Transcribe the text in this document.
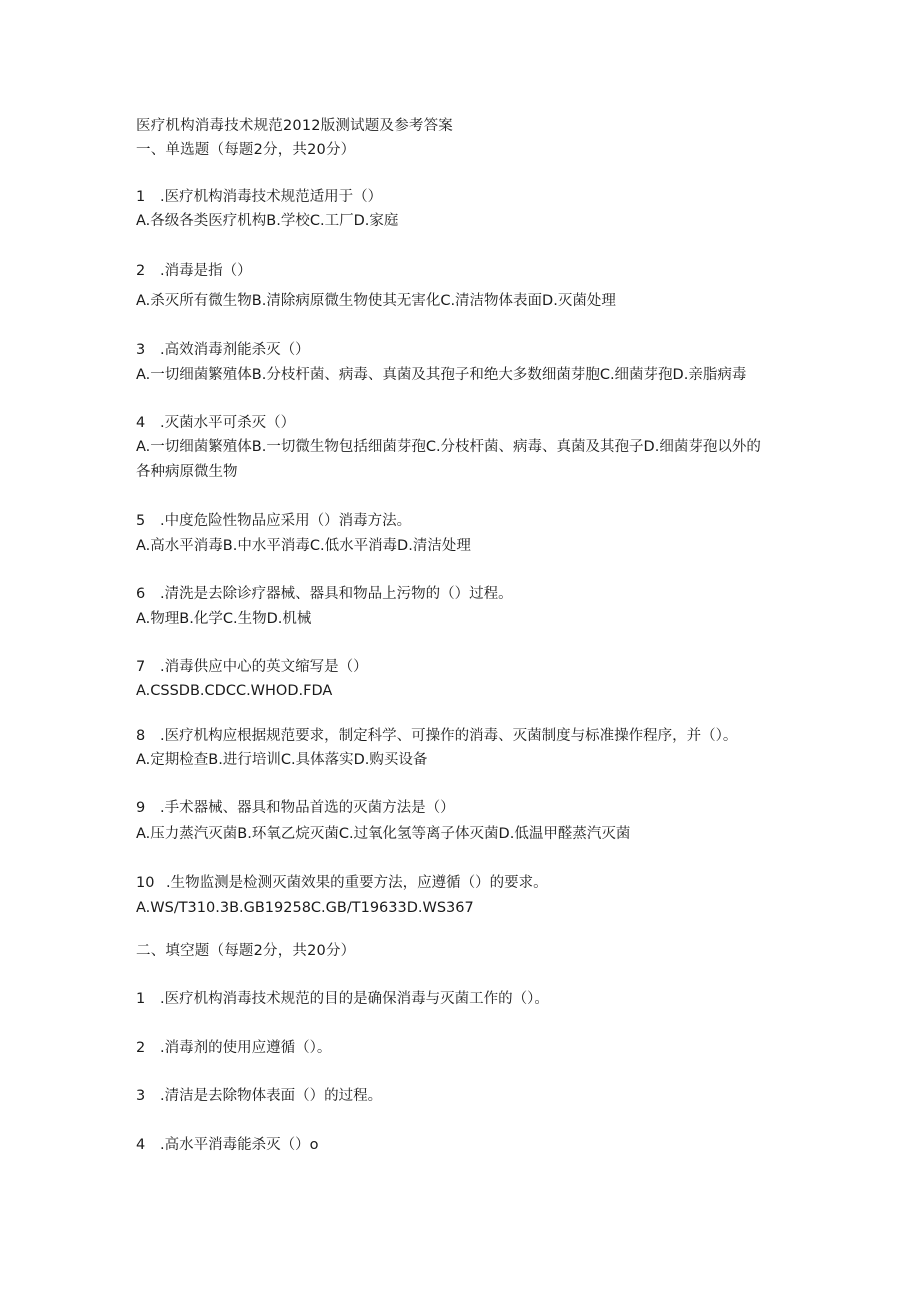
医疗机构消毒技术规范2012版测试题及参考答案
一、单选题（每题2分，共20分）
1 .医疗机构消毒技术规范适用于（）
A.各级各类医疗机构B.学校C.工厂D.家庭
2 .消毒是指（）
A.杀灭所有微生物B.清除病原微生物使其无害化C.清洁物体表面D.灭菌处理
3 .高效消毒剂能杀灭（）
A.一切细菌繁殖体B.分枝杆菌、病毒、真菌及其孢子和绝大多数细菌芽胞C.细菌芽孢D.亲脂病毒
4 .灭菌水平可杀灭（）
A.一切细菌繁殖体B.一切微生物包括细菌芽孢C.分枝杆菌、病毒、真菌及其孢子D.细菌芽孢以外的
各种病原微生物
5 .中度危险性物品应采用（）消毒方法。
A.高水平消毒B.中水平消毒C.低水平消毒D.清洁处理
6 .清洗是去除诊疗器械、器具和物品上污物的（）过程。
A.物理B.化学C.生物D.机械
7 .消毒供应中心的英文缩写是（）
A.CSSDB.CDCC.WHOD.FDA
8 .医疗机构应根据规范要求，制定科学、可操作的消毒、灭菌制度与标准操作程序，并（）。
A.定期检查B.进行培训C.具体落实D.购买设备
9 .手术器械、器具和物品首选的灭菌方法是（）
A.压力蒸汽灭菌B.环氧乙烷灭菌C.过氧化氢等离子体灭菌D.低温甲醛蒸汽灭菌
10 .生物监测是检测灭菌效果的重要方法，应遵循（）的要求。
A.WS/T310.3B.GB19258C.GB/T19633D.WS367
二、填空题（每题2分，共20分）
1 .医疗机构消毒技术规范的目的是确保消毒与灭菌工作的（）。
2 .消毒剂的使用应遵循（）。
3 .清洁是去除物体表面（）的过程。
4 .高水平消毒能杀灭（）o
